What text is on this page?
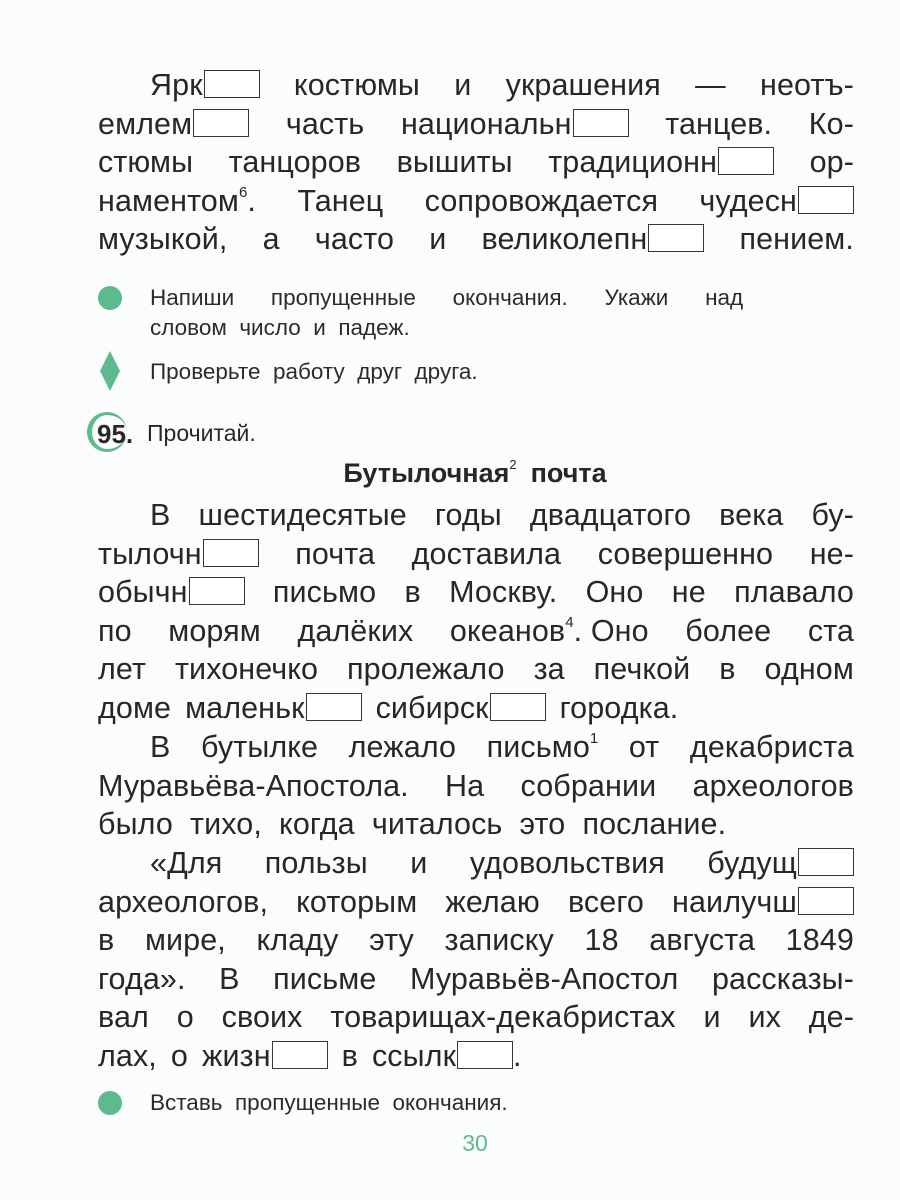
Ярк	костюмы и украшения — неотъ-
емлем	часть национальн	танцев. Ко-
стюмы танцоров вышиты традиционн	ор-
наментом$^6$. Танец сопровождается чудесн
музыкой, а часто и великолепн	пением.
Напиши   пропущенные   окончания.   Укажи   над
словом  число  и  падеж.
Проверьте  работу  друг  друга.
95. Прочитай.
Бутылочная$^2$ почта
В шестидесятые годы двадцатого века бу-
тылочн	почта доставила совершенно не-
обычн	письмо в Москву. Оно не плавало
по морям далёких океанов$^4$. Оно более ста
лет тихонечко пролежало за печкой в одном
доме маленьк	сибирск	городка.
В бутылке лежало письмо$^1$ от декабриста
Муравьёва-Апостола. На собрании археологов
было  тихо,  когда  читалось  это  послание.
«Для пользы и удовольствия будущ
археологов, которым желаю всего наилучш
в мире, кладу эту записку 18 августа 1849
года». В письме Муравьёв-Апостол рассказы-
вал о своих товарищах-декабристах и их де-
лах, о жизн	в ссылк .
Вставь  пропущенные  окончания.
30
